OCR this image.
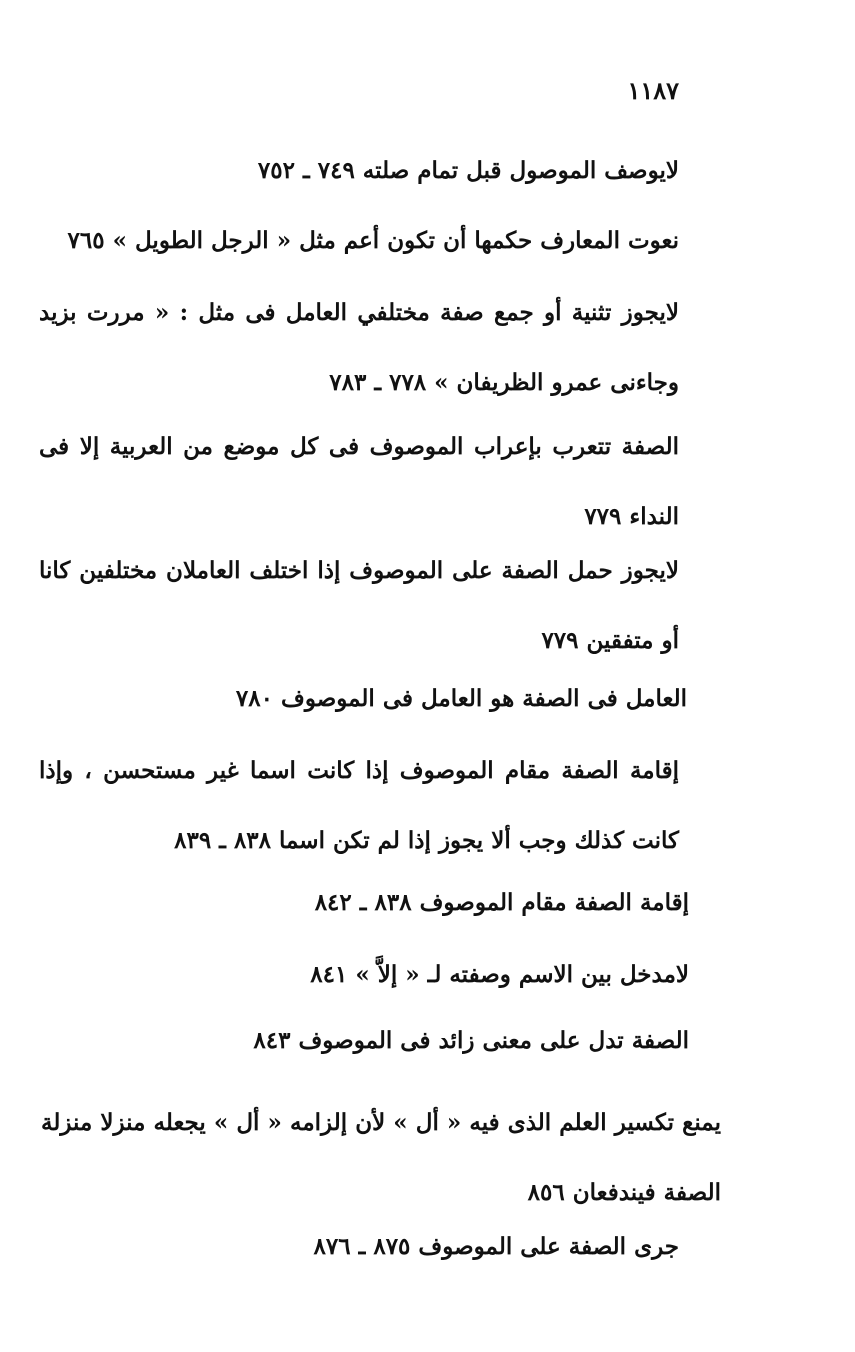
١١٨٧
لايوصف الموصول قبل تمام صلته ٧٤٩ ـ ٧٥٢
نعوت المعارف حكمها أن تكون أعم مثل « الرجل الطويل » ٧٦٥
لايجوز تثنية أو جمع صفة مختلفي العامل فى مثل : « مررت بزيد وجاءنى عمرو الظريفان » ٧٧٨ ـ ٧٨٣
الصفة تتعرب بإعراب الموصوف فى كل موضع من العربية إلا فى النداء ٧٧٩
لايجوز حمل الصفة على الموصوف إذا اختلف العاملان مختلفين كانا أو متفقين ٧٧٩
العامل فى الصفة هو العامل فى الموصوف ٧٨٠
إقامة الصفة مقام الموصوف إذا كانت اسما غير مستحسن ، وإذا كانت كذلك وجب ألا يجوز إذا لم تكن اسما ٨٣٨ ـ ٨٣٩
إقامة الصفة مقام الموصوف ٨٣٨ ـ ٨٤٢
لامدخل بين الاسم وصفته لـ « إلاَّ » ٨٤١
الصفة تدل على معنى زائد فى الموصوف ٨٤٣
يمنع تكسير العلم الذى فيه « أل » لأن إلزامه « أل » يجعله منزلا منزلة الصفة فيندفعان ٨٥٦
جرى الصفة على الموصوف ٨٧٥ ـ ٨٧٦
